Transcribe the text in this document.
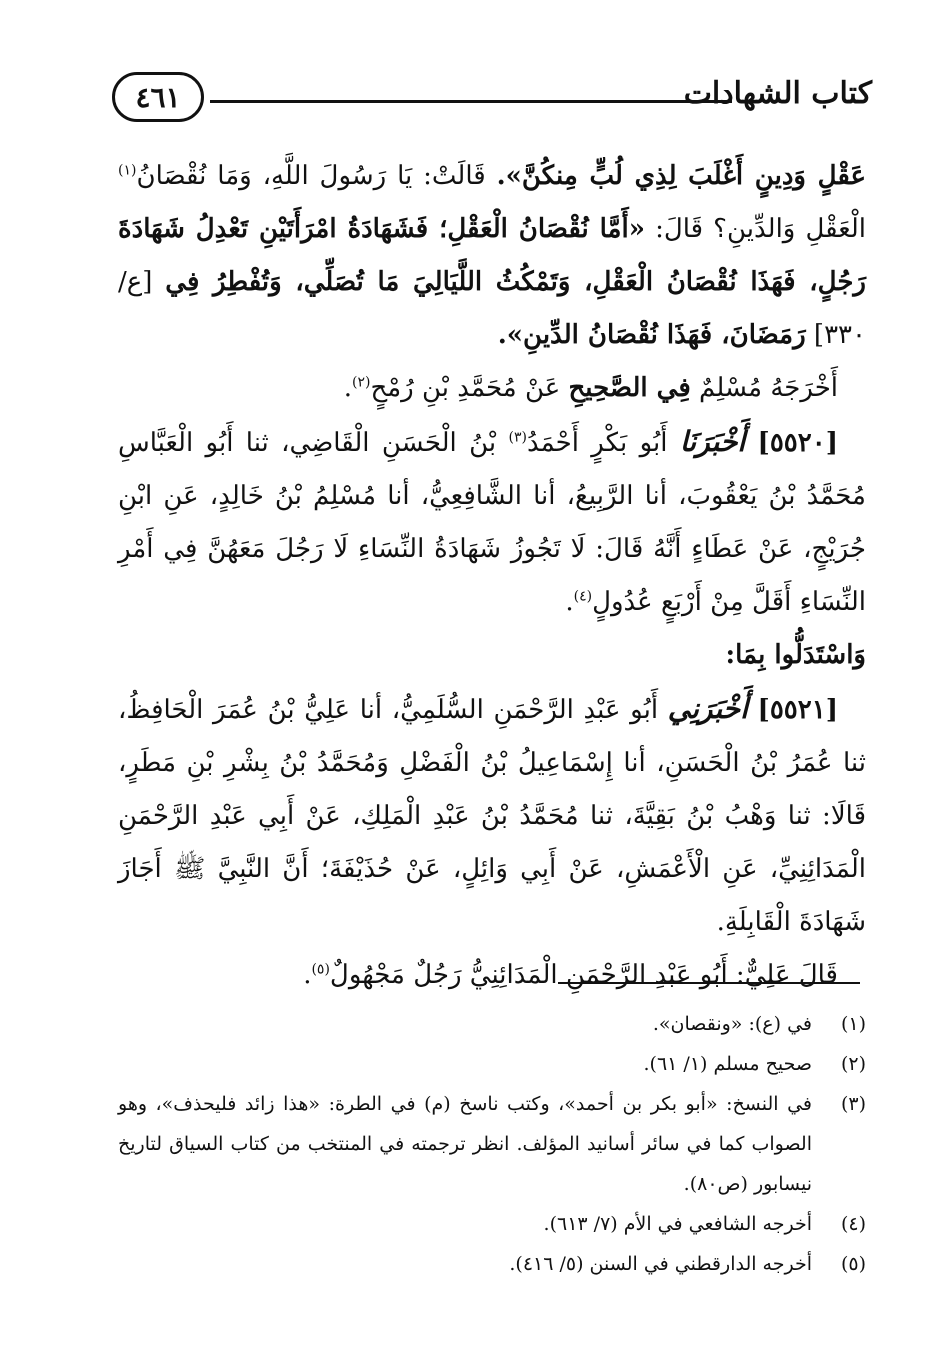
كتاب الشهادات
٤٦١

عَقْلٍ وَدِينٍ أَغْلَبَ لِذِي لُبٍّ مِنكُنَّ». قَالَتْ: يَا رَسُولَ اللَّهِ، وَمَا نُقْصَانُ$^{(١)}$ الْعَقْلِ وَالدِّينِ؟ قَالَ: «أَمَّا نُقْصَانُ الْعَقْلِ؛ فَشَهَادَةُ امْرَأَتَيْنِ تَعْدِلُ شَهَادَةَ رَجُلٍ، فَهَذَا نُقْصَانُ الْعَقْلِ، وَتَمْكُثُ اللَّيَالِيَ مَا تُصَلِّي، وَتُفْطِرُ فِي [ع/ ٣٣٠] رَمَضَانَ، فَهَذَا نُقْصَانُ الدِّينِ».

أَخْرَجَهُ مُسْلِمٌ فِي الصَّحِيحِ عَنْ مُحَمَّدِ بْنِ رُمْحٍ$^{(٢)}$.

[٥٥٢٠] أَخْبَرَنَا أَبُو بَكْرٍ أَحْمَدُ$^{(٣)}$ بْنُ الْحَسَنِ الْقَاضِي، ثنا أَبُو الْعَبَّاسِ مُحَمَّدُ بْنُ يَعْقُوبَ، أنا الرَّبِيعُ، أنا الشَّافِعِيُّ، أنا مُسْلِمُ بْنُ خَالِدٍ، عَنِ ابْنِ جُرَيْجٍ، عَنْ عَطَاءٍ أَنَّهُ قَالَ: لَا تَجُوزُ شَهَادَةُ النِّسَاءِ لَا رَجُلَ مَعَهُنَّ فِي أَمْرِ النِّسَاءِ أَقَلَّ مِنْ أَرْبَعٍ عُدُولٍ$^{(٤)}$.

وَاسْتَدَلُّوا بِمَا:

[٥٥٢١] أَخْبَرَنِي أَبُو عَبْدِ الرَّحْمَنِ السُّلَمِيُّ، أنا عَلِيُّ بْنُ عُمَرَ الْحَافِظُ، ثنا عُمَرُ بْنُ الْحَسَنِ، أنا إِسْمَاعِيلُ بْنُ الْفَضْلِ وَمُحَمَّدُ بْنُ بِشْرِ بْنِ مَطَرٍ، قَالَا: ثنا وَهْبُ بْنُ بَقِيَّةَ، ثنا مُحَمَّدُ بْنُ عَبْدِ الْمَلِكِ، عَنْ أَبِي عَبْدِ الرَّحْمَنِ الْمَدَائِنِيِّ، عَنِ الْأَعْمَشِ، عَنْ أَبِي وَائِلٍ، عَنْ حُذَيْفَةَ؛ أَنَّ النَّبِيَّ ﷺ أَجَازَ شَهَادَةَ الْقَابِلَةِ.

قَالَ عَلِيٌّ: أَبُو عَبْدِ الرَّحْمَنِ الْمَدَائِنِيُّ رَجُلٌ مَجْهُولٌ$^{(٥)}$.

(١)
في (ع): «ونقصان».
(٢)
صحيح مسلم (١/ ٦١).
(٣)
في النسخ: «أبو بكر بن أحمد»، وكتب ناسخ (م) في الطرة: «هذا زائد فليحذف»، وهو الصواب كما في سائر أسانيد المؤلف. انظر ترجمته في المنتخب من كتاب السياق لتاريخ نيسابور (ص٨٠).
(٤)
أخرجه الشافعي في الأم (٧/ ٦١٣).
(٥)
أخرجه الدارقطني في السنن (٥/ ٤١٦).
